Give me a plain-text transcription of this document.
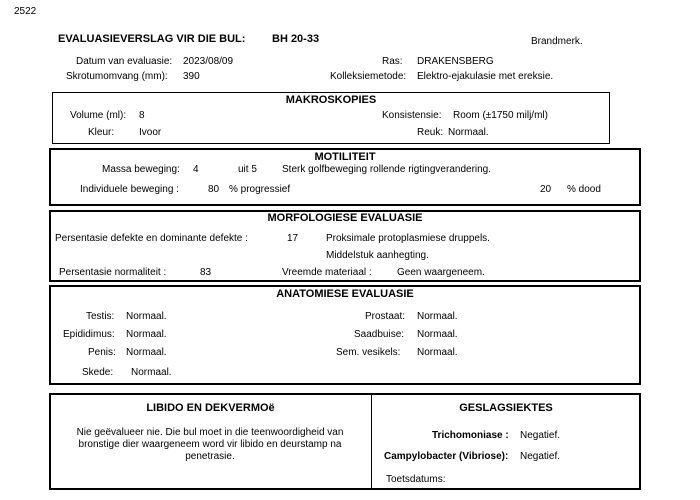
2522
EVALUASIEVERSLAG VIR DIE BUL: BH 20-33	Brandmerk.
Datum van evaluasie: 2023/08/09	Ras: DRAKENSBERG
Skrotumomvang (mm): 390	Kolleksiemetode: Elektro-ejakulasie met ereksie.
MAKROSKOPIES
Volume (ml): 8	Konsistensie: Room (±1750 milj/ml)
Kleur: Ivoor	Reuk: Normaal.
MOTILITEIT
Massa beweging: 4	uit 5	Sterk golfbeweging rollende rigtingverandering.
Individuele beweging :	80 % progressief	20 % dood
MORFOLOGIESE EVALUASIE
Persentasie defekte en dominante defekte :	17	Proksimale protoplasmiese druppels.
Middelstuk aanhegting.
Persentasie normaliteit :	83	Vreemde materiaal :	Geen waargeneem.
ANATOMIESE EVALUASIE
Testis: Normaal.
Epididimus: Normaal.
Penis: Normaal.
Skede: Normaal.
Prostaat: Normaal.
Saadbuise: Normaal.
Sem. vesikels: Normaal.
LIBIDO EN DEKVERMOë
Nie geëvalueer nie. Die bul moet in die teenwoordigheid van bronstige dier waargeneem word vir libido en deurstamp na penetrasie.
GESLAGSIEKTES
Trichomoniase : Negatief.
Campylobacter (Vibriose): Negatief.
Toetsdatums:
